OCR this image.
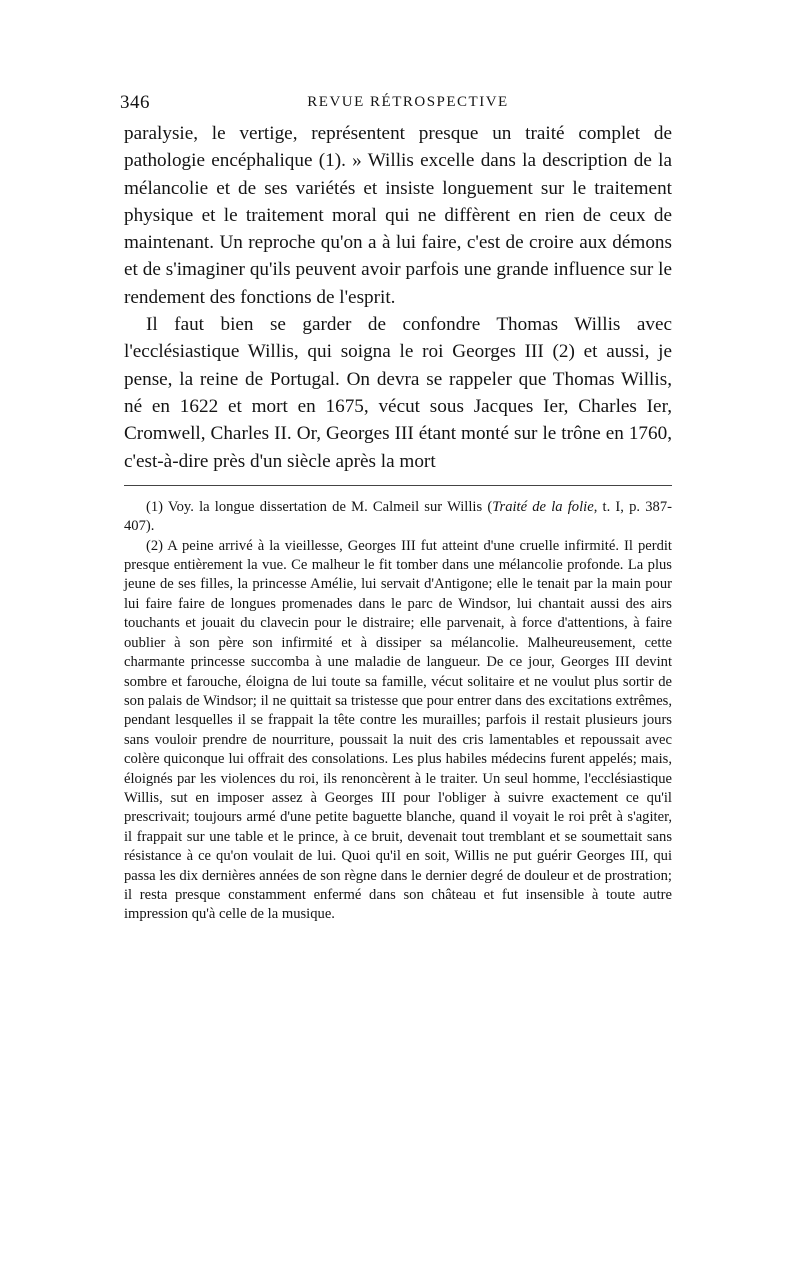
346	REVUE RÉTROSPECTIVE

paralysie, le vertige, représentent presque un traité complet de pathologie encéphalique (1). » Willis excelle dans la description de la mélancolie et de ses variétés et insiste longuement sur le traitement physique et le traitement moral qui ne diffèrent en rien de ceux de maintenant. Un reproche qu'on a à lui faire, c'est de croire aux démons et de s'imaginer qu'ils peuvent avoir parfois une grande influence sur le rendement des fonctions de l'esprit.

Il faut bien se garder de confondre Thomas Willis avec l'ecclésiastique Willis, qui soigna le roi Georges III (2) et aussi, je pense, la reine de Portugal. On devra se rappeler que Thomas Willis, né en 1622 et mort en 1675, vécut sous Jacques Ier, Charles Ier, Cromwell, Charles II. Or, Georges III étant monté sur le trône en 1760, c'est-à-dire près d'un siècle après la mort

(1) Voy. la longue dissertation de M. Calmeil sur Willis (Traité de la folie, t. I, p. 387-407).

(2) A peine arrivé à la vieillesse, Georges III fut atteint d'une cruelle infirmité. Il perdit presque entièrement la vue. Ce malheur le fit tomber dans une mélancolie profonde. La plus jeune de ses filles, la princesse Amélie, lui servait d'Antigone; elle le tenait par la main pour lui faire faire de longues promenades dans le parc de Windsor, lui chantait aussi des airs touchants et jouait du clavecin pour le distraire; elle parvenait, à force d'attentions, à faire oublier à son père son infirmité et à dissiper sa mélancolie. Malheureusement, cette charmante princesse succomba à une maladie de langueur. De ce jour, Georges III devint sombre et farouche, éloigna de lui toute sa famille, vécut solitaire et ne voulut plus sortir de son palais de Windsor; il ne quittait sa tristesse que pour entrer dans des excitations extrêmes, pendant lesquelles il se frappait la tête contre les murailles; parfois il restait plusieurs jours sans vouloir prendre de nourriture, poussait la nuit des cris lamentables et repoussait avec colère quiconque lui offrait des consolations. Les plus habiles médecins furent appelés; mais, éloignés par les violences du roi, ils renoncèrent à le traiter. Un seul homme, l'ecclésiastique Willis, sut en imposer assez à Georges III pour l'obliger à suivre exactement ce qu'il prescrivait; toujours armé d'une petite baguette blanche, quand il voyait le roi prêt à s'agiter, il frappait sur une table et le prince, à ce bruit, devenait tout tremblant et se soumettait sans résistance à ce qu'on voulait de lui. Quoi qu'il en soit, Willis ne put guérir Georges III, qui passa les dix dernières années de son règne dans le dernier degré de douleur et de prostration; il resta presque constamment enfermé dans son château et fut insensible à toute autre impression qu'à celle de la musique.
